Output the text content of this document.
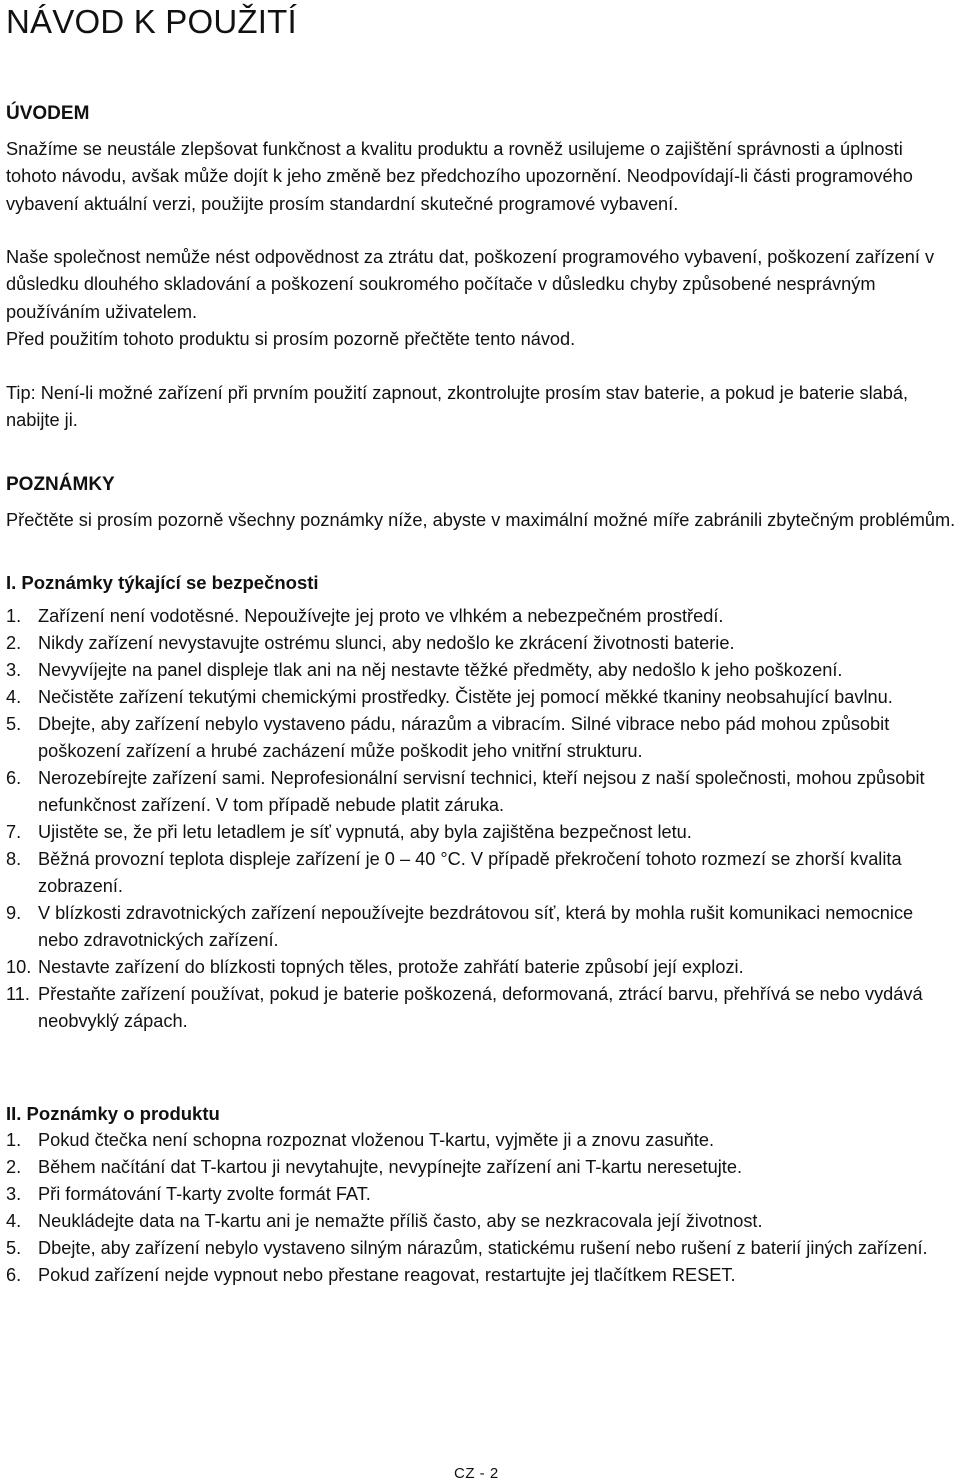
NÁVOD K POUŽITÍ
ÚVODEM

Snažíme se neustále zlepšovat funkčnost a kvalitu produktu a rovněž usilujeme o zajištění správnosti a úplnosti tohoto návodu, avšak může dojít k jeho změně bez předchozího upozornění. Neodpovídají-li části programového vybavení aktuální verzi, použijte prosím standardní skutečné programové vybavení.

Naše společnost nemůže nést odpovědnost za ztrátu dat, poškození programového vybavení, poškození zařízení v důsledku dlouhého skladování a poškození soukromého počítače v důsledku chyby způsobené nesprávným používáním uživatelem.

Před použitím tohoto produktu si prosím pozorně přečtěte tento návod.

Tip: Není-li možné zařízení při prvním použití zapnout, zkontrolujte prosím stav baterie, a pokud je baterie slabá, nabijte ji.

POZNÁMKY

Přečtěte si prosím pozorně všechny poznámky níže, abyste v maximální možné míře zabránili zbytečným problémům.

I. Poznámky týkající se bezpečnosti
1. Zařízení není vodotěsné. Nepoužívejte jej proto ve vlhkém a nebezpečném prostředí.
2. Nikdy zařízení nevystavujte ostrému slunci, aby nedošlo ke zkrácení životnosti baterie.
3. Nevyvíjejte na panel displeje tlak ani na něj nestavte těžké předměty, aby nedošlo k jeho poškození.
4. Nečistěte zařízení tekutými chemickými prostředky. Čistěte jej pomocí měkké tkaniny neobsahující bavlnu.
5. Dbejte, aby zařízení nebylo vystaveno pádu, nárazům a vibracím. Silné vibrace nebo pád mohou způsobit poškození zařízení a hrubé zacházení může poškodit jeho vnitřní strukturu.
6. Nerozebírejte zařízení sami. Neprofesionální servisní technici, kteří nejsou z naší společnosti, mohou způsobit nefunkčnost zařízení. V tom případě nebude platit záruka.
7. Ujistěte se, že při letu letadlem je síť vypnutá, aby byla zajištěna bezpečnost letu.
8. Běžná provozní teplota displeje zařízení je 0 – 40 °C. V případě překročení tohoto rozmezí se zhorší kvalita zobrazení.
9. V blízkosti zdravotnických zařízení nepoužívejte bezdrátovou síť, která by mohla rušit komunikaci nemocnice nebo zdravotnických zařízení.
10. Nestavte zařízení do blízkosti topných těles, protože zahřátí baterie způsobí její explozi.
11. Přestaňte zařízení používat, pokud je baterie poškozená, deformovaná, ztrácí barvu, přehřívá se nebo vydává neobvyklý zápach.
II. Poznámky o produktu
1. Pokud čtečka není schopna rozpoznat vloženou T-kartu, vyjměte ji a znovu zasuňte.
2. Během načítání dat T-kartou ji nevytahujte, nevypínejte zařízení ani T-kartu neresetujte.
3. Při formátování T-karty zvolte formát FAT.
4. Neukládejte data na T-kartu ani je nemažte příliš často, aby se nezkracovala její životnost.
5. Dbejte, aby zařízení nebylo vystaveno silným nárazům, statickému rušení nebo rušení z baterií jiných zařízení.
6. Pokud zařízení nejde vypnout nebo přestane reagovat, restartujte jej tlačítkem RESET.
CZ - 2
